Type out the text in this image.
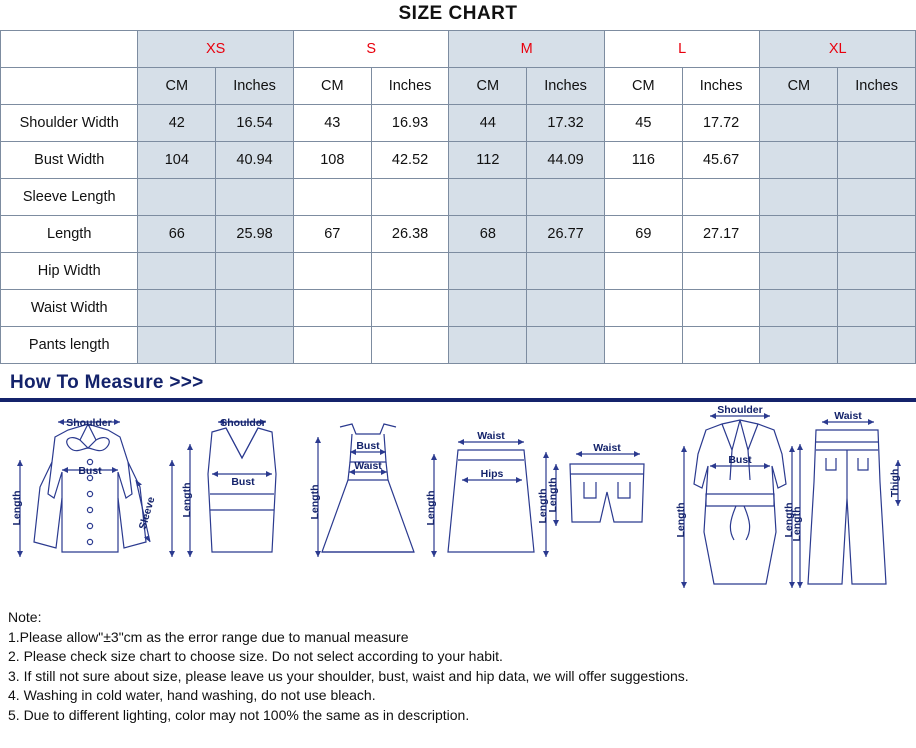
SIZE CHART
	XS		S		M		L		XL	
	CM	Inches	CM	Inches	CM	Inches	CM	Inches	CM	Inches
Shoulder Width	42	16.54	43	16.93	44	17.32	45	17.72		
Bust Width	104	40.94	108	42.52	112	44.09	116	45.67		
Sleeve Length										
Length	66	25.98	67	26.38	68	26.77	69	27.17		
Hip Width										
Waist Width										
Pants length										
How To Measure >>>
Shoulder
Bust
Length	Sleeve
Shoulder
Bust
Length
Bust
Waist
Length	Length
Waist
Hips
Length
Waist
Length
Shoulder
Bust
Length	Length
Waist
Thigh
Length
Note:
1.Please allow"±3"cm as the error range due to manual measure
2. Please check size chart to choose size. Do not select according to your habit.
3. If still not sure about size, please leave us your shoulder, bust, waist and hip data, we will offer suggestions.
4. Washing in cold water, hand washing, do not use bleach.
5. Due to different lighting, color may not 100% the same as in description.
